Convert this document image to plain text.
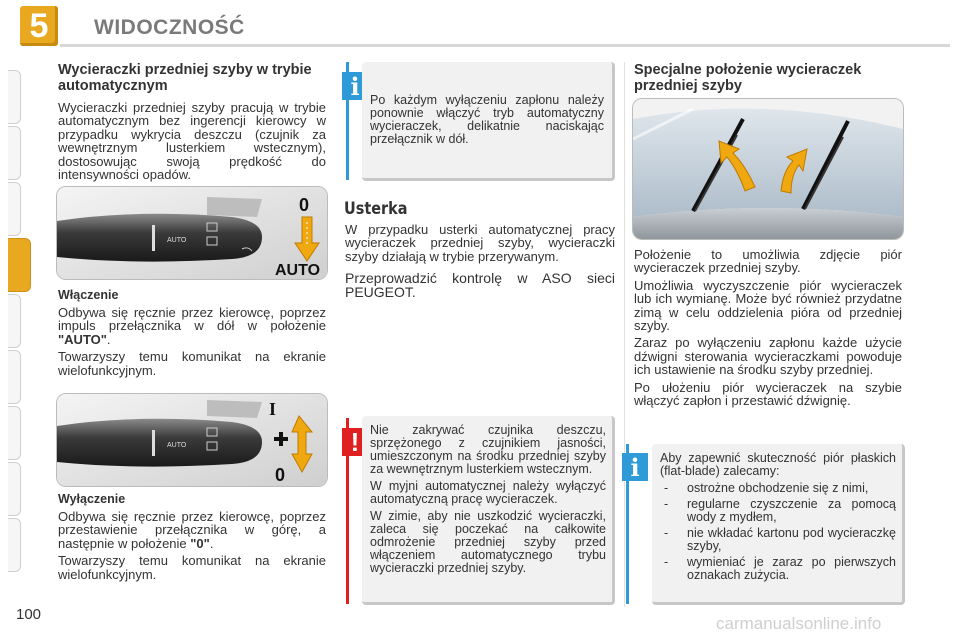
5	WIDOCZNOŚĆ
Wycieraczki przedniej szyby w trybie automatycznym

Wycieraczki przedniej szyby pracują w trybie automatycznym bez ingerencji kierowcy w przypadku wykrycia deszczu (czujnik za wewnętrznym lusterkiem wstecznym), dostosowując swoją prędkość do intensywności opadów.

AUTO
0
AUTO
Włączenie

Odbywa się ręcznie przez kierowcę, poprzez impuls przełącznika w dół w położenie "AUTO".

Towarzyszy temu komunikat na ekranie wielofunkcyjnym.

AUTO
I
0
Wyłączenie

Odbywa się ręcznie przez kierowcę, poprzez przestawienie przełącznika w górę, a następnie w położenie "0".

Towarzyszy temu komunikat na ekranie wielofunkcyjnym.

i Po każdym wyłączeniu zapłonu należy ponownie włączyć tryb automatyczny wycieraczek, delikatnie naciskając przełącznik w dół.

Usterka

W przypadku usterki automatycznej pracy wycieraczek przedniej szyby, wycieraczki szyby działają w trybie przerywanym.

Przeprowadzić kontrolę w ASO sieci PEUGEOT.

! Nie zakrywać czujnika deszczu, sprzężonego z czujnikiem jasności, umieszczonym na środku przedniej szyby za wewnętrznym lusterkiem wstecznym.

W myjni automatycznej należy wyłączyć automatyczną pracę wycieraczek.

W zimie, aby nie uszkodzić wycieraczki, zaleca się poczekać na całkowite odmrożenie przedniej szyby przed włączeniem automatycznego trybu wycieraczki przedniej szyby.

Specjalne położenie wycieraczek przedniej szyby

Położenie to umożliwia zdjęcie piór wycieraczek przedniej szyby.

Umożliwia wyczyszczenie piór wycieraczek lub ich wymianę. Może być również przydatne zimą w celu oddzielenia pióra od przedniej szyby.

Zaraz po wyłączeniu zapłonu każde użycie dźwigni sterowania wycieraczkami powoduje ich ustawienie na środku szyby przedniej.

Po ułożeniu piór wycieraczek na szybie włączyć zapłon i przestawić dźwignię.

i	Aby zapewnić skuteczność piór płaskich (flat-blade) zalecamy:

- ostrożne obchodzenie się z nimi,
- regularne czyszczenie za pomocą wody z mydłem,
- nie wkładać kartonu pod wycieraczkę szyby,
- wymieniać je zaraz po pierwszych oznakach zużycia.
100	carmanualsonline.info
